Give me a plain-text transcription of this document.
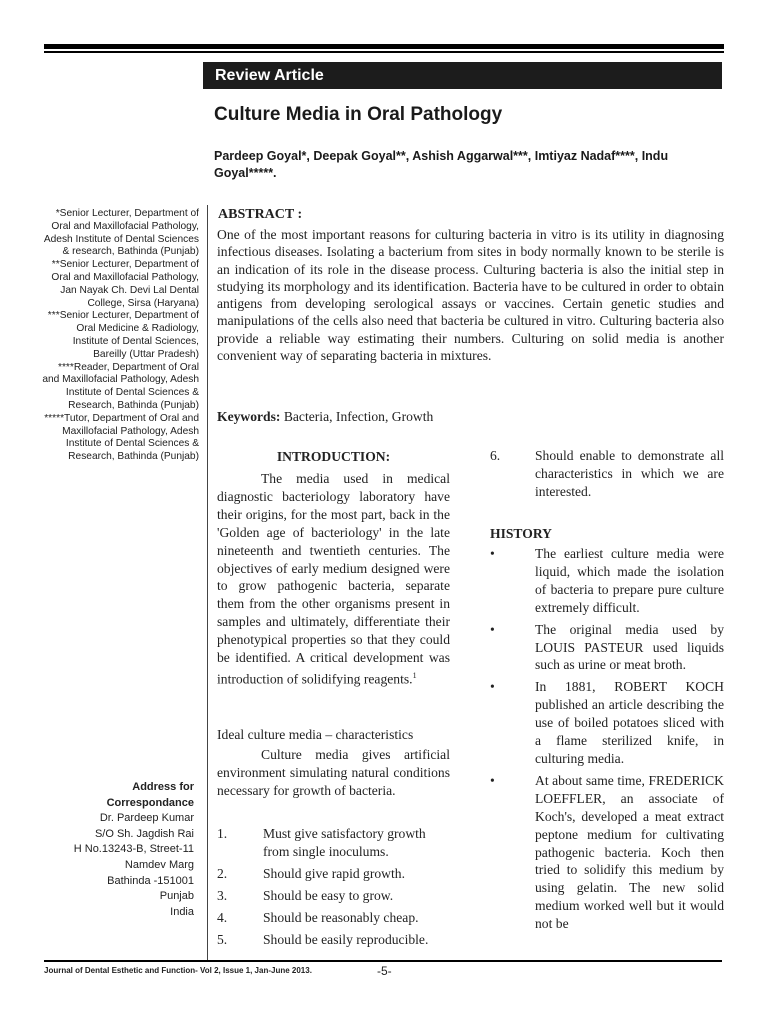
Review Article
Culture Media in Oral Pathology
Pardeep Goyal*, Deepak Goyal**, Ashish Aggarwal***, Imtiyaz Nadaf****, Indu Goyal*****.
*Senior Lecturer, Department of Oral and Maxillofacial Pathology, Adesh Institute of Dental Sciences & research, Bathinda (Punjab)
**Senior Lecturer, Department of Oral and Maxillofacial Pathology, Jan Nayak Ch. Devi Lal Dental College, Sirsa (Haryana)
***Senior Lecturer, Department of Oral Medicine & Radiology, Institute of Dental Sciences, Bareilly (Uttar Pradesh)
****Reader, Department of Oral and Maxillofacial Pathology, Adesh Institute of Dental Sciences & Research, Bathinda (Punjab)
*****Tutor, Department of Oral and Maxillofacial Pathology, Adesh Institute of Dental Sciences & Research, Bathinda (Punjab)
Address for
Correspondance
Dr. Pardeep Kumar
S/O Sh. Jagdish Rai
H No.13243-B, Street-11
Namdev Marg
Bathinda -151001
Punjab
India
ABSTRACT :
One of the most important reasons for culturing bacteria in vitro is its utility in diagnosing infectious diseases. Isolating a bacterium from sites in body normally known to be sterile is an indication of its role in the disease process. Culturing bacteria is also the initial step in studying its morphology and its identification. Bacteria have to be cultured in order to obtain antigens from developing serological assays or vaccines. Certain genetic studies and manipulations of the cells also need that bacteria be cultured in vitro. Culturing bacteria also provide a reliable way estimating their numbers. Culturing on solid media is another convenient way of separating bacteria in mixtures.
Keywords: Bacteria, Infection, Growth
INTRODUCTION:
The media used in medical diagnostic bacteriology laboratory have their origins, for the most part, back in the 'Golden age of bacteriology' in the late nineteenth and twentieth centuries. The objectives of early medium designed were to grow pathogenic bacteria, separate them from the other organisms present in samples and ultimately, differentiate their phenotypical properties so that they could be identified. A critical development was introduction of solidifying reagents.$^1$
Ideal culture media – characteristics
Culture media gives artificial environment simulating natural conditions necessary for growth of bacteria.
1.	Must give satisfactory growth from single inoculums.
2.	Should give rapid growth.
3.	Should be easy to grow.
4.	Should be reasonably cheap.
5.	Should be easily reproducible.
6.	Should enable to demonstrate all characteristics in which we are interested.
HISTORY
•	The earliest culture media were liquid, which made the isolation of bacteria to prepare pure culture extremely difficult.
•	The original media used by LOUIS PASTEUR used liquids such as urine or meat broth.
•	In 1881, ROBERT KOCH published an article describing the use of boiled potatoes sliced with a flame sterilized knife, in culturing media.
•	At about same time, FREDERICK LOEFFLER, an associate of Koch's, developed a meat extract peptone medium for cultivating pathogenic bacteria. Koch then tried to solidify this medium by using gelatin. The new solid medium worked well but it would not be
Journal of Dental Esthetic and Function- Vol 2, Issue 1, Jan-June 2013.	-5-
